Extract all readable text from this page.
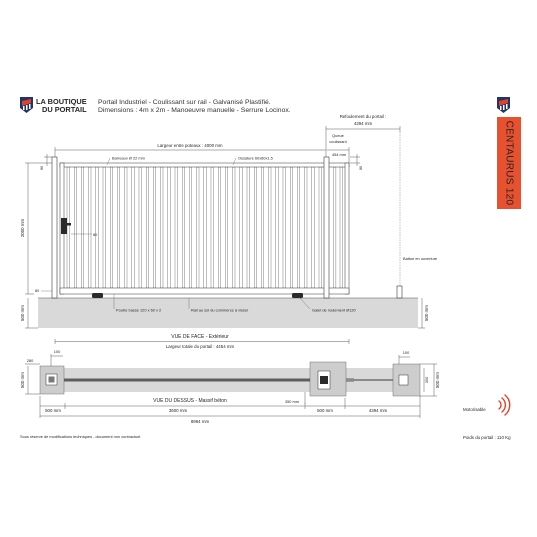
LA BOUTIQUE
DU PORTAIL
Portail Industriel - Coulissant sur rail - Galvanisé Plastifié.
Dimensions : 4m x 2m - Manoeuvre manuelle - Serrure Locinox.
CENTAURUS 120
80
Battue en ouverture
Largeur entre poteaux : 4000 mm
Refoulement du portail :
4394 mm
Queue
coulissant
454 mm
Barreaux Ø 22 mm	Ossature 60x60x1.5
90	90
2000 mm
80
500 mm	500 mm
Poutre basse 120 x 60 x 2	Rail au sol du commerce à visser	Galet de roulement Ø120
VUE DE FACE - Extérieur
Largeur totale du portail : 4454 mm
280
100	100
500 mm	300 500 mm
VUE DU DESSUS - Massif béton	350 mm
500 mm	3600 mm	500 mm	4394 mm
8994 mm
Motorisable
Sous réserve de modifications techniques - document non contractuel.	Poids du portail : 110 Kg
